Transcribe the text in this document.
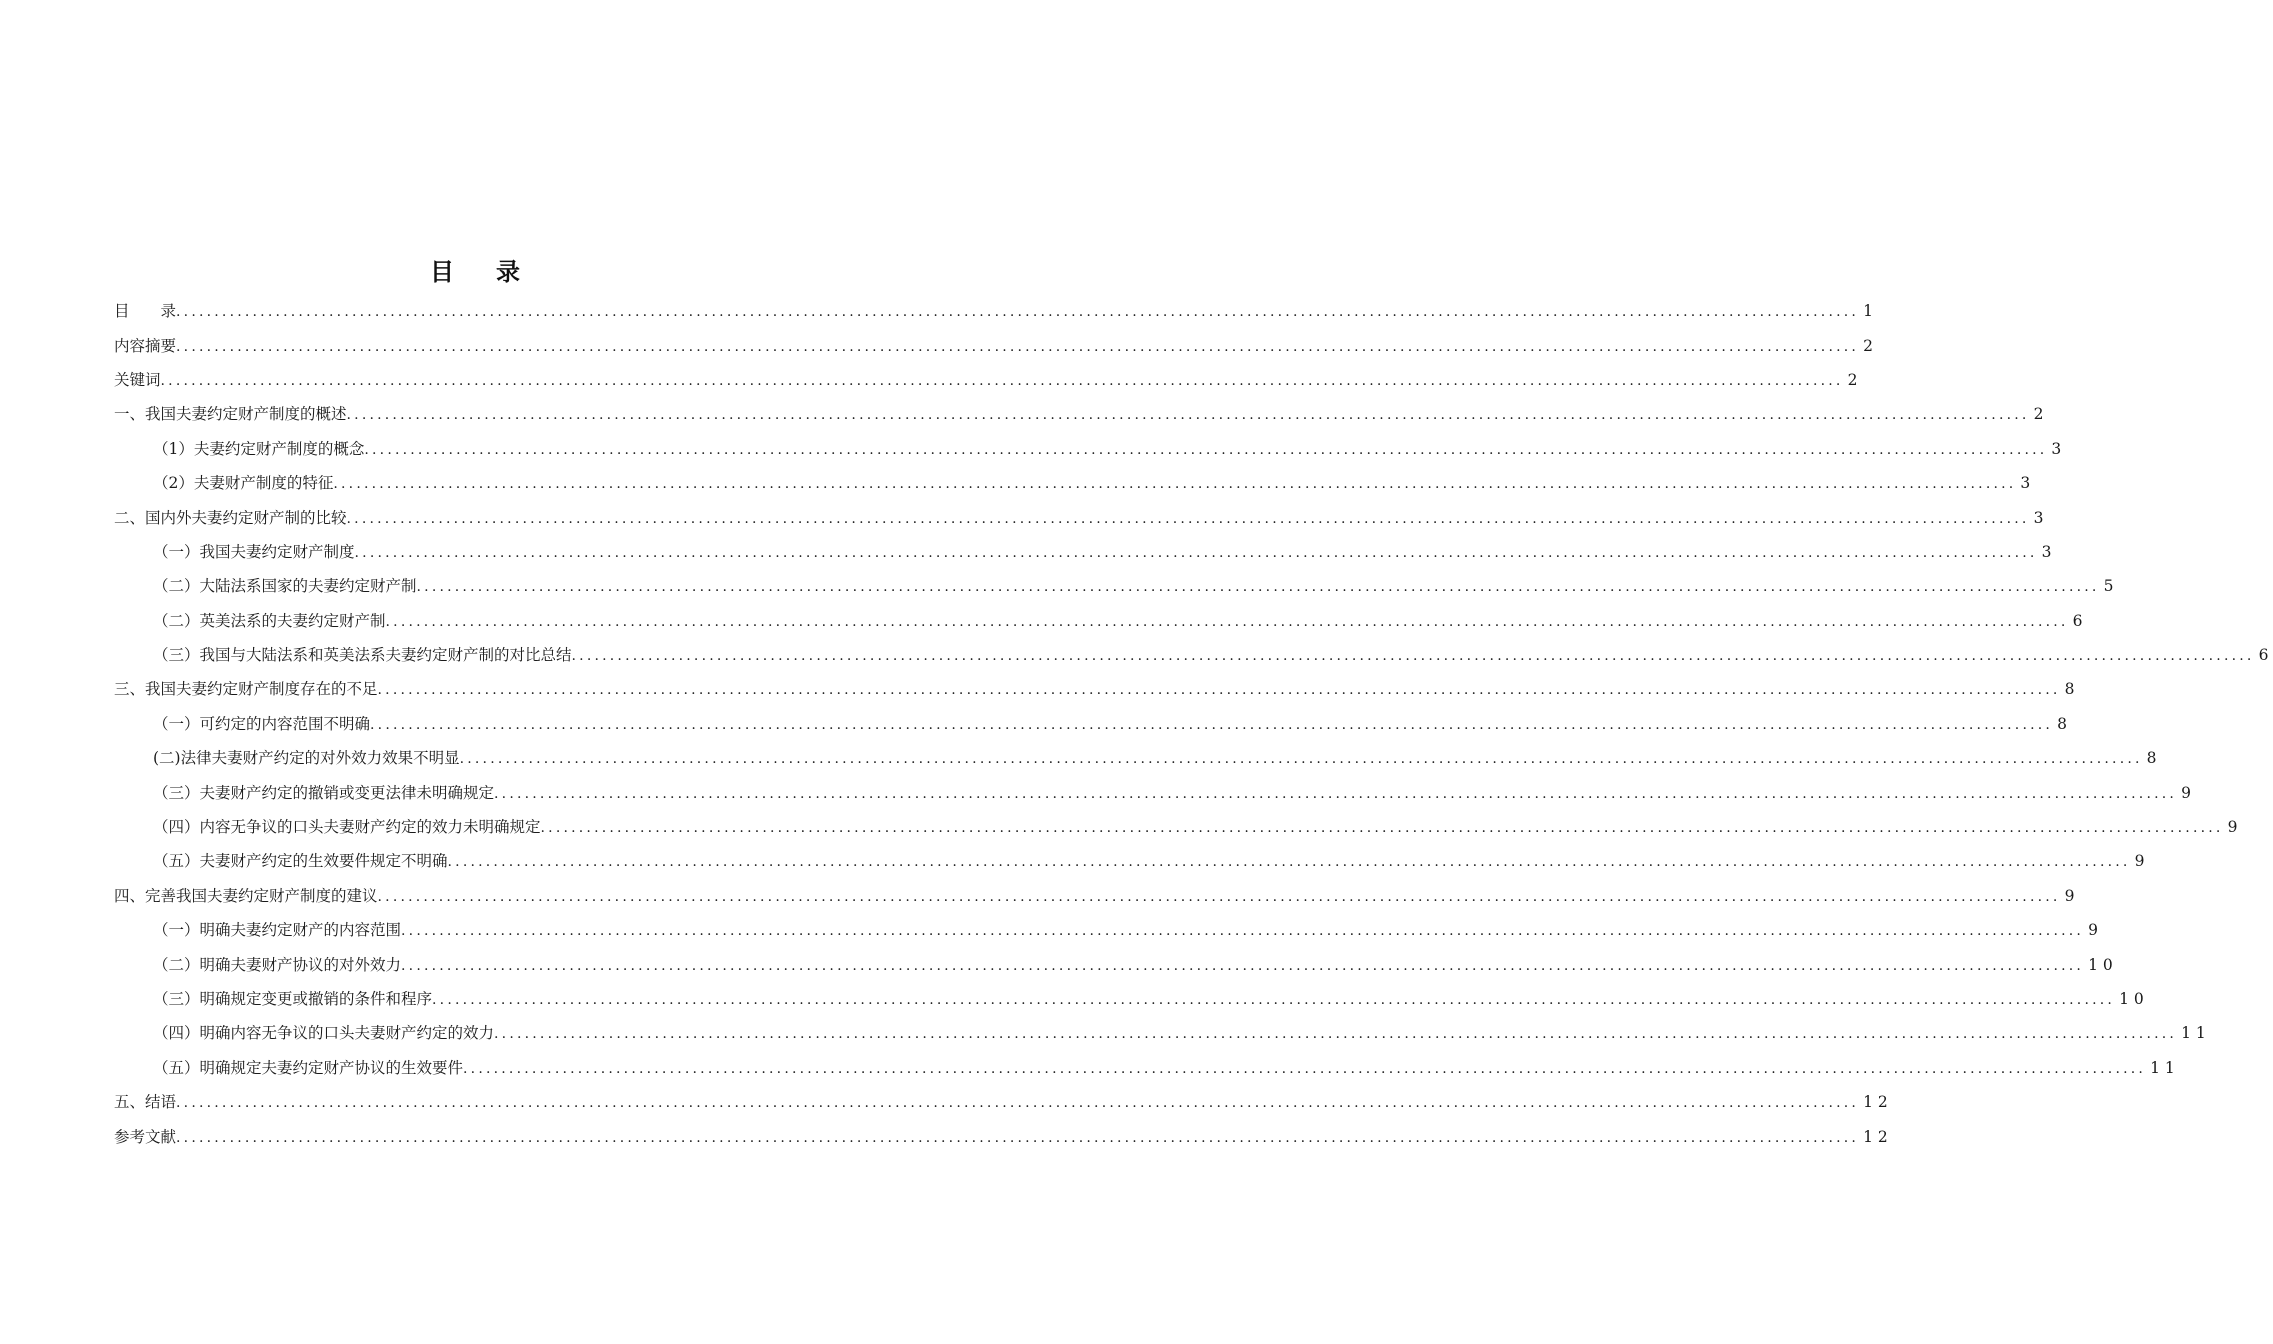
目录
目　　录 ............................................................................................................................................................................................................................ 1
内容摘要 ............................................................................................................................................................................................................................ 2
关键词 ............................................................................................................................................................................................................................ 2
一、我国夫妻约定财产制度的概述 ............................................................................................................................................................................................................................ 2
（1）夫妻约定财产制度的概念 ............................................................................................................................................................................................................................ 3
（2）夫妻财产制度的特征 ............................................................................................................................................................................................................................ 3
二、国内外夫妻约定财产制的比较 ............................................................................................................................................................................................................................ 3
（一）我国夫妻约定财产制度 ............................................................................................................................................................................................................................ 3
（二）大陆法系国家的夫妻约定财产制 ............................................................................................................................................................................................................................ 5
（二）英美法系的夫妻约定财产制 ............................................................................................................................................................................................................................ 6
（三）我国与大陆法系和英美法系夫妻约定财产制的对比总结 ............................................................................................................................................................................................................................ 6
三、我国夫妻约定财产制度存在的不足 ............................................................................................................................................................................................................................ 8
（一）可约定的内容范围不明确 ............................................................................................................................................................................................................................ 8
(二)法律夫妻财产约定的对外效力效果不明显 ............................................................................................................................................................................................................................ 8
（三）夫妻财产约定的撤销或变更法律未明确规定 ............................................................................................................................................................................................................................ 9
（四）内容无争议的口头夫妻财产约定的效力未明确规定 ............................................................................................................................................................................................................................ 9
（五）夫妻财产约定的生效要件规定不明确 ............................................................................................................................................................................................................................ 9
四、完善我国夫妻约定财产制度的建议 ............................................................................................................................................................................................................................ 9
（一）明确夫妻约定财产的内容范围 ............................................................................................................................................................................................................................ 9
（二）明确夫妻财产协议的对外效力 ............................................................................................................................................................................................................................ 10
（三）明确规定变更或撤销的条件和程序 ............................................................................................................................................................................................................................ 10
（四）明确内容无争议的口头夫妻财产约定的效力 ............................................................................................................................................................................................................................ 11
（五）明确规定夫妻约定财产协议的生效要件 ............................................................................................................................................................................................................................ 11
五、结语 ............................................................................................................................................................................................................................ 12
参考文献 ............................................................................................................................................................................................................................ 12
